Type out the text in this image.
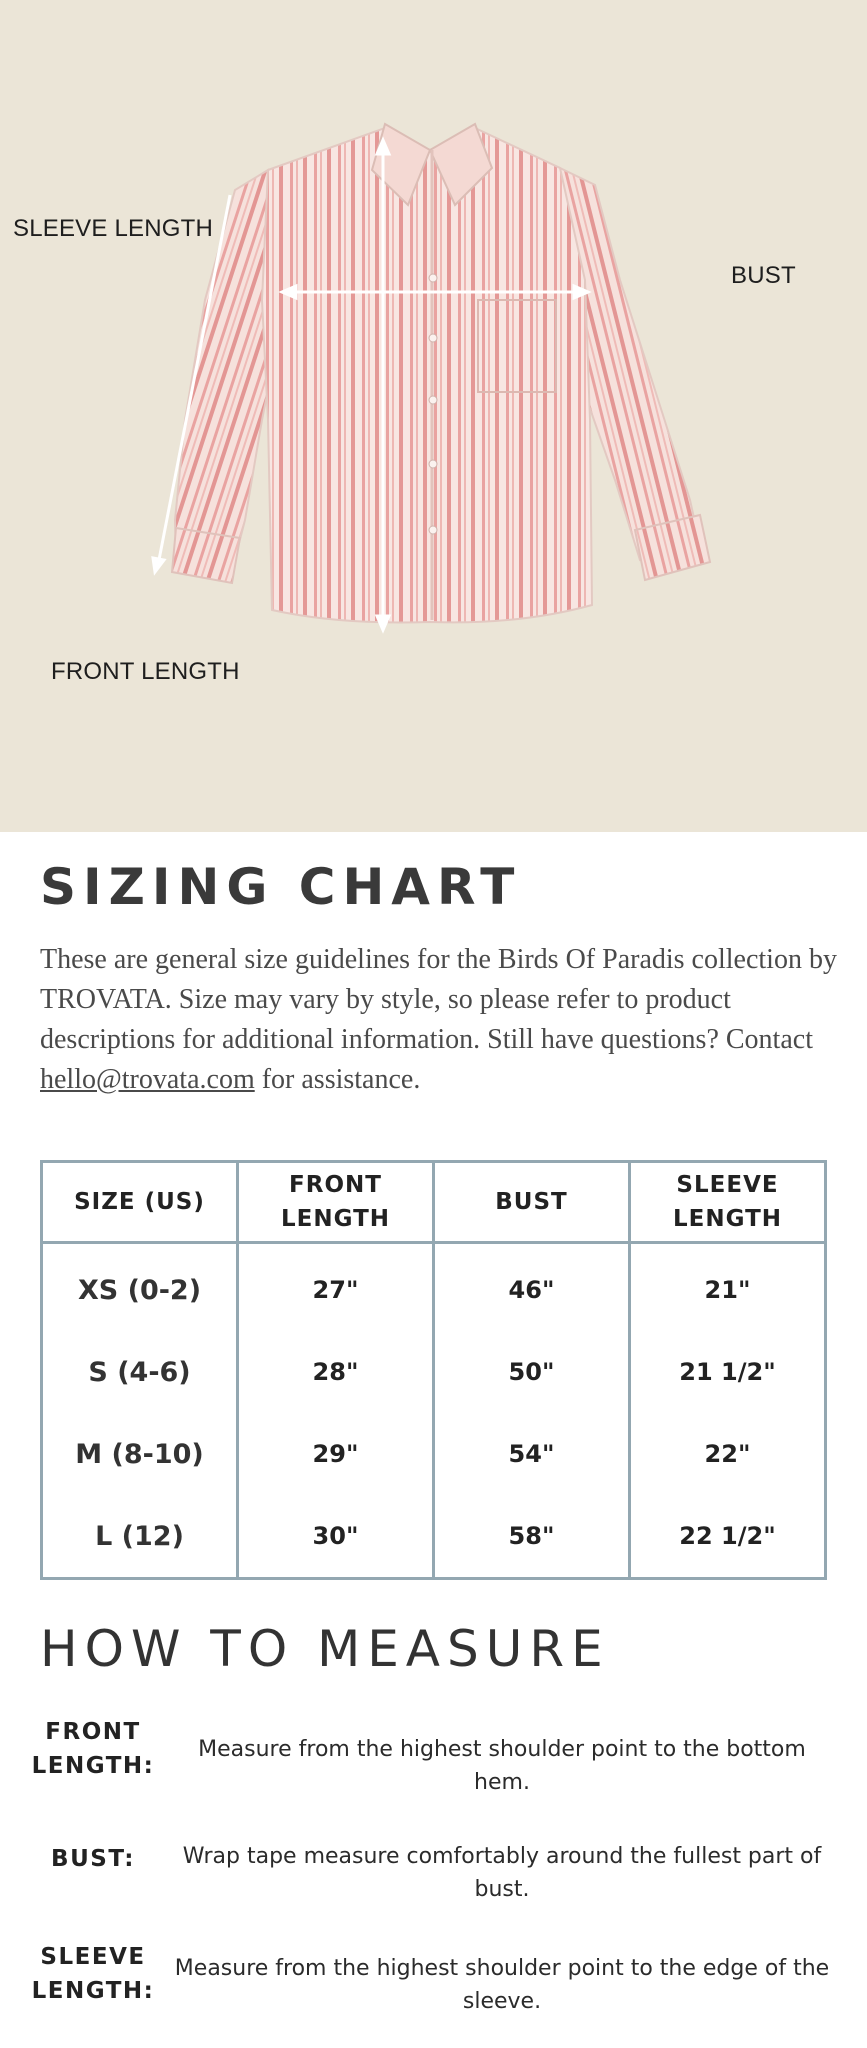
SLEEVE LENGTH
BUST
FRONT LENGTH
SIZING CHART
These are general size guidelines for the Birds Of Paradis collection by TROVATA. Size may vary by style, so please refer to product descriptions for additional information. Still have questions? Contact hello@trovata.com for assistance.
SIZE (US)	FRONT LENGTH	BUST	SLEEVE LENGTH
XS (0-2)	27"	46"	21"
S (4-6)	28"	50"	21 1/2"
M (8-10)	29"	54"	22"
L (12)	30"	58"	22 1/2"
HOW TO MEASURE
FRONT LENGTH:
Measure from the highest shoulder point to the bottom hem.
BUST:	Wrap tape measure comfortably around the fullest part of bust.
SLEEVE LENGTH:
Measure from the highest shoulder point to the edge of the sleeve.
